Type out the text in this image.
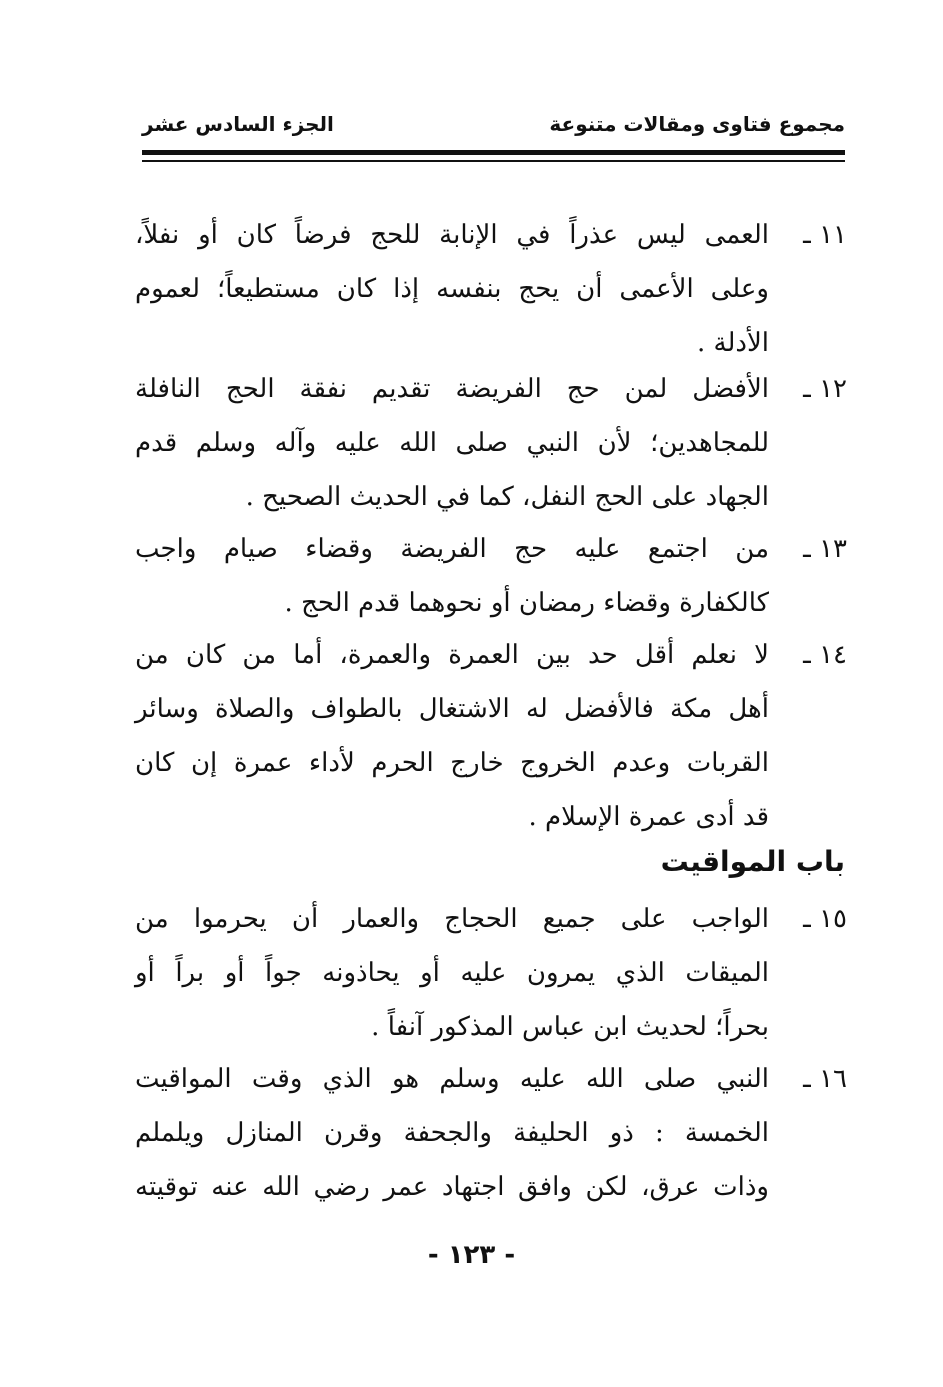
مجموع فتاوى ومقالات متنوعة
الجزء السادس عشر
١١ ـ
العمى ليس عذراً في الإنابة للحج فرضاً كان أو نفلاً،
وعلى الأعمى أن يحج بنفسه إذا كان مستطيعاً؛ لعموم
الأدلة .
١٢ ـ
الأفضل لمن حج الفريضة تقديم نفقة الحج النافلة
للمجاهدين؛ لأن النبي صلى الله عليه وآله وسلم قدم
الجهاد على الحج النفل، كما في الحديث الصحيح .
١٣ ـ
من اجتمع عليه حج الفريضة وقضاء صيام واجب
كالكفارة وقضاء رمضان أو نحوهما قدم الحج .
١٤ ـ
لا نعلم أقل حد بين العمرة والعمرة، أما من كان من
أهل مكة فالأفضل له الاشتغال بالطواف والصلاة وسائر
القربات وعدم الخروج خارج الحرم لأداء عمرة إن كان
قد أدى عمرة الإسلام .
باب المواقيت
١٥ ـ
الواجب على جميع الحجاج والعمار أن يحرموا من
الميقات الذي يمرون عليه أو يحاذونه جواً أو براً أو
بحراً؛ لحديث ابن عباس المذكور آنفاً .
١٦ ـ
النبي صلى الله عليه وسلم هو الذي وقت المواقيت
الخمسة : ذو الحليفة والجحفة وقرن المنازل ويلملم
وذات عرق، لكن وافق اجتهاد عمر رضي الله عنه توقيته
- ١٢٣ -
